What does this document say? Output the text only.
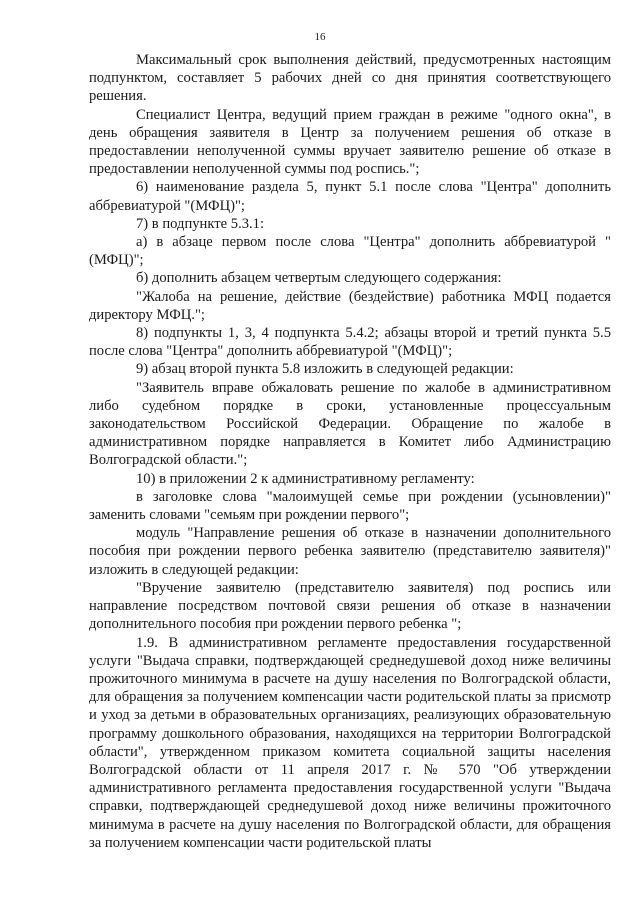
16

Максимальный срок выполнения действий, предусмотренных настоящим подпунктом, составляет 5 рабочих дней со дня принятия соответствующего решения.

Специалист Центра, ведущий прием граждан в режиме "одного окна", в день обращения заявителя в Центр за получением решения об отказе в предоставлении неполученной суммы вручает заявителю решение об отказе в предоставлении неполученной суммы под роспись.";

6) наименование раздела 5, пункт 5.1 после слова "Центра" дополнить аббревиатурой "(МФЦ)";

7) в подпункте 5.3.1:

а) в абзаце первом после слова "Центра" дополнить аббревиатурой "(МФЦ)";

б) дополнить абзацем четвертым следующего содержания:

"Жалоба на решение, действие (бездействие) работника МФЦ подается директору МФЦ.";

8) подпункты 1, 3, 4 подпункта 5.4.2; абзацы второй и третий пункта 5.5 после слова "Центра" дополнить аббревиатурой "(МФЦ)";

9) абзац второй пункта 5.8 изложить в следующей редакции:

"Заявитель вправе обжаловать решение по жалобе в административном либо судебном порядке в сроки, установленные процессуальным законодательством Российской Федерации. Обращение по жалобе в административном порядке направляется в Комитет либо Администрацию Волгоградской области.";

10) в приложении 2 к административному регламенту:

в заголовке слова "малоимущей семье при рождении (усыновлении)" заменить словами "семьям при рождении первого";

модуль "Направление решения об отказе в назначении дополнительного пособия при рождении первого ребенка заявителю (представителю заявителя)" изложить в следующей редакции:

"Вручение заявителю (представителю заявителя) под роспись или направление посредством почтовой связи решения об отказе в назначении дополнительного пособия при рождении первого ребенка ";

1.9. В административном регламенте предоставления государственной услуги "Выдача справки, подтверждающей среднедушевой доход ниже величины прожиточного минимума в расчете на душу населения по Волгоградской области, для обращения за получением компенсации части родительской платы за присмотр и уход за детьми в образовательных организациях, реализующих образовательную программу дошкольного образования, находящихся на территории Волгоградской области", утвержденном приказом комитета социальной защиты населения Волгоградской области от 11 апреля 2017 г. № 570 "Об утверждении административного регламента предоставления государственной услуги "Выдача справки, подтверждающей среднедушевой доход ниже величины прожиточного минимума в расчете на душу населения по Волгоградской области, для обращения за получением компенсации части родительской платы
